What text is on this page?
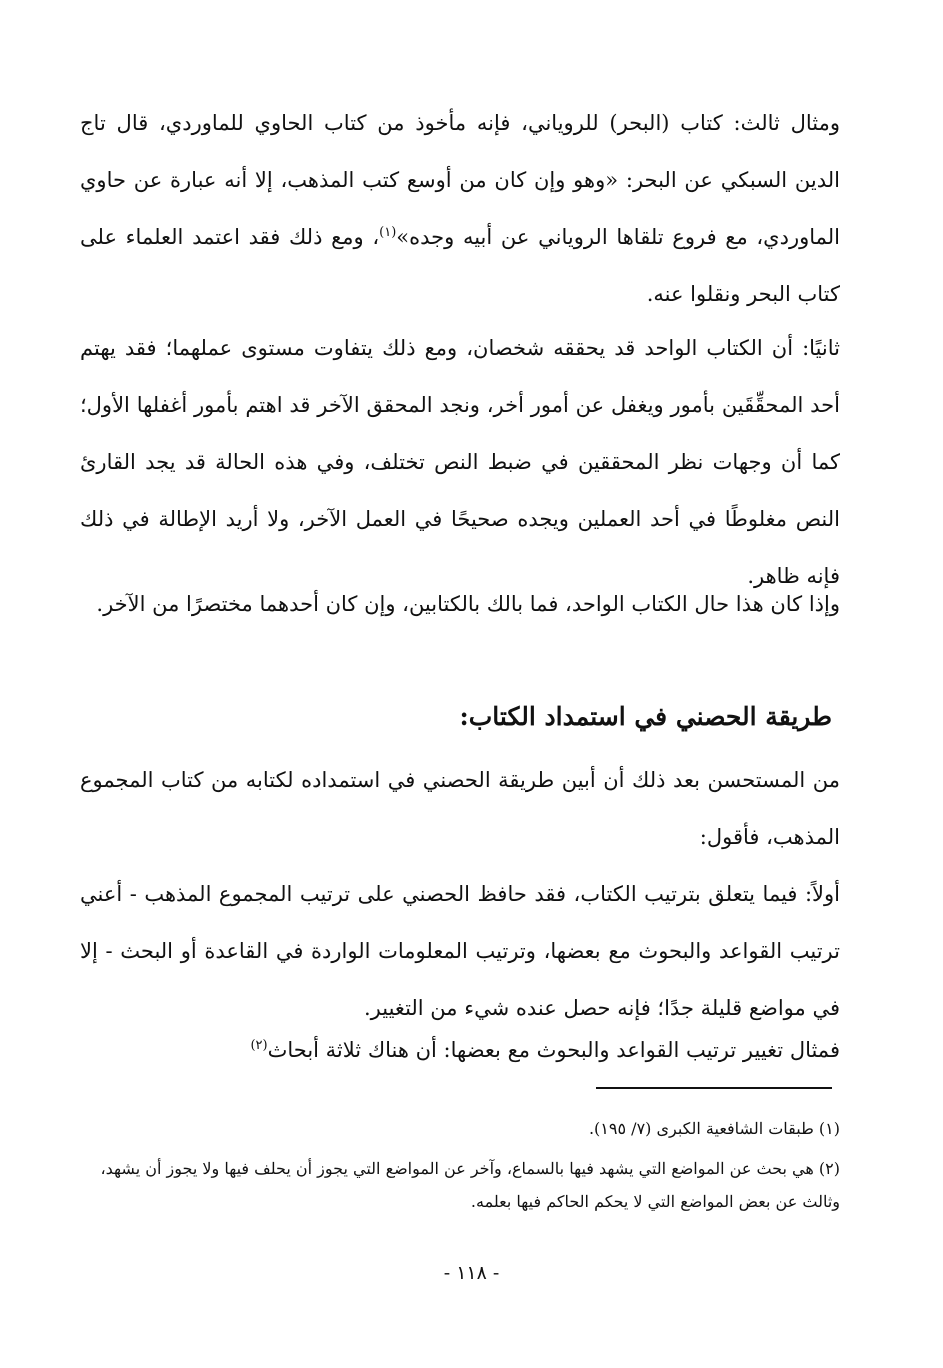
ومثال ثالث: كتاب (البحر) للروياني، فإنه مأخوذ من كتاب الحاوي للماوردي، قال تاج الدين السبكي عن البحر: «وهو وإن كان من أوسع كتب المذهب، إلا أنه عبارة عن حاوي الماوردي، مع فروع تلقاها الروياني عن أبيه وجده»$^{(١)}$، ومع ذلك فقد اعتمد العلماء على كتاب البحر ونقلوا عنه.

ثانيًا: أن الكتاب الواحد قد يحققه شخصان، ومع ذلك يتفاوت مستوى عملهما؛ فقد يهتم أحد المحقِّقَين بأمور ويغفل عن أمور أخر، ونجد المحقق الآخر قد اهتم بأمور أغفلها الأول؛ كما أن وجهات نظر المحققين في ضبط النص تختلف، وفي هذه الحالة قد يجد القارئ النص مغلوطًا في أحد العملين ويجده صحيحًا في العمل الآخر، ولا أريد الإطالة في ذلك فإنه ظاهر.

وإذا كان هذا حال الكتاب الواحد، فما بالك بالكتابين، وإن كان أحدهما مختصرًا من الآخر.

طريقة الحصني في استمداد الكتاب:

من المستحسن بعد ذلك أن أبين طريقة الحصني في استمداده لكتابه من كتاب المجموع المذهب، فأقول:

أولاً: فيما يتعلق بترتيب الكتاب، فقد حافظ الحصني على ترتيب المجموع المذهب - أعني ترتيب القواعد والبحوث مع بعضها، وترتيب المعلومات الواردة في القاعدة أو البحث - إلا في مواضع قليلة جدًا؛ فإنه حصل عنده شيء من التغيير.

فمثال تغيير ترتيب القواعد والبحوث مع بعضها: أن هناك ثلاثة أبحاث$^{(٢)}$

(١) طبقات الشافعية الكبرى (٧/ ١٩٥).

(٢) هي بحث عن المواضع التي يشهد فيها بالسماع، وآخر عن المواضع التي يجوز أن يحلف فيها ولا يجوز أن يشهد، وثالث عن بعض المواضع التي لا يحكم الحاكم فيها بعلمه.

- ١١٨ -
